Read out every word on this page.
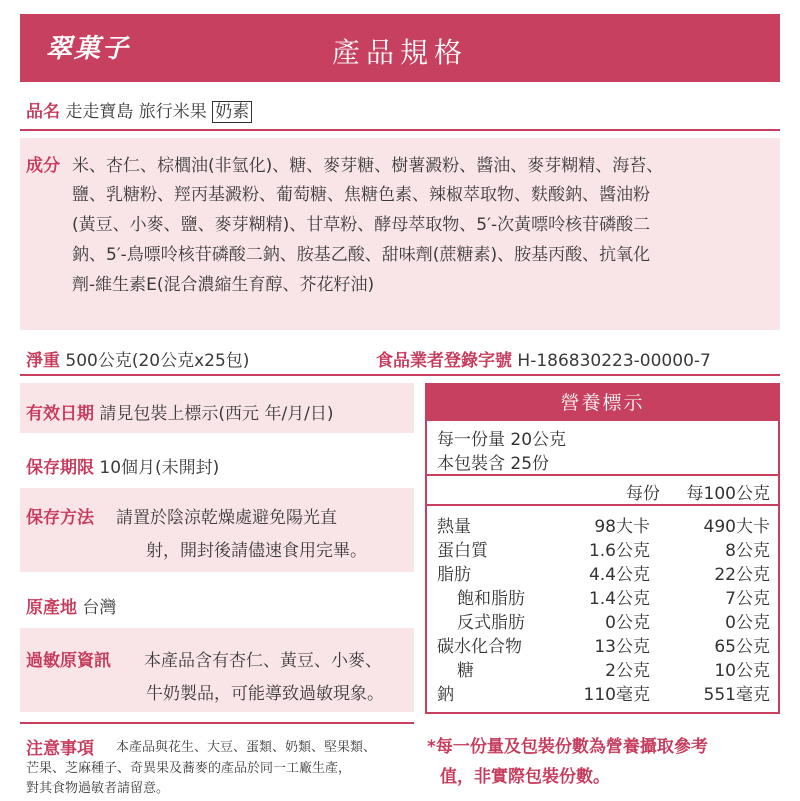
翠菓子	產品規格
品名 走走寶島 旅行米果 奶素
成分 米、杏仁、棕櫚油(非氫化)、糖、麥芽糖、樹薯澱粉、醬油、麥芽糊精、海苔、
鹽、乳糖粉、羥丙基澱粉、葡萄糖、焦糖色素、辣椒萃取物、麩酸鈉、醬油粉
(黃豆、小麥、鹽、麥芽糊精)、甘草粉、酵母萃取物、5′-次黃嘌呤核苷磷酸二
鈉、5′-鳥嘌呤核苷磷酸二鈉、胺基乙酸、甜味劑(蔗糖素)、胺基丙酸、抗氧化
劑-維生素E(混合濃縮生育醇、芥花籽油)
淨重 500公克(20公克x25包)	食品業者登錄字號 H-186830223-00000-7
有效日期 請見包裝上標示(西元 年/月/日)
保存期限 10個月(未開封)
保存方法 請置於陰涼乾燥處避免陽光直
射，開封後請儘速食用完畢。
原產地 台灣
過敏原資訊 本產品含有杏仁、黃豆、小麥、
牛奶製品，可能導致過敏現象。
營養標示
每一份量 20公克
本包裝含 25份
每份 每100公克
熱量	98大卡	490大卡
蛋白質	1.6公克	8公克
脂肪	4.4公克	22公克
飽和脂肪	1.4公克	7公克
反式脂肪	0公克	0公克
碳水化合物	13公克	65公克
糖	2公克	10公克
鈉	110毫克	551毫克
注意事項 本產品與花生、大豆、蛋類、奶類、堅果類、
芒果、芝麻種子、奇異果及蕎麥的產品於同一工廠生產，
對其食物過敏者請留意。
*每一份量及包裝份數為營養攝取參考
值，非實際包裝份數。
